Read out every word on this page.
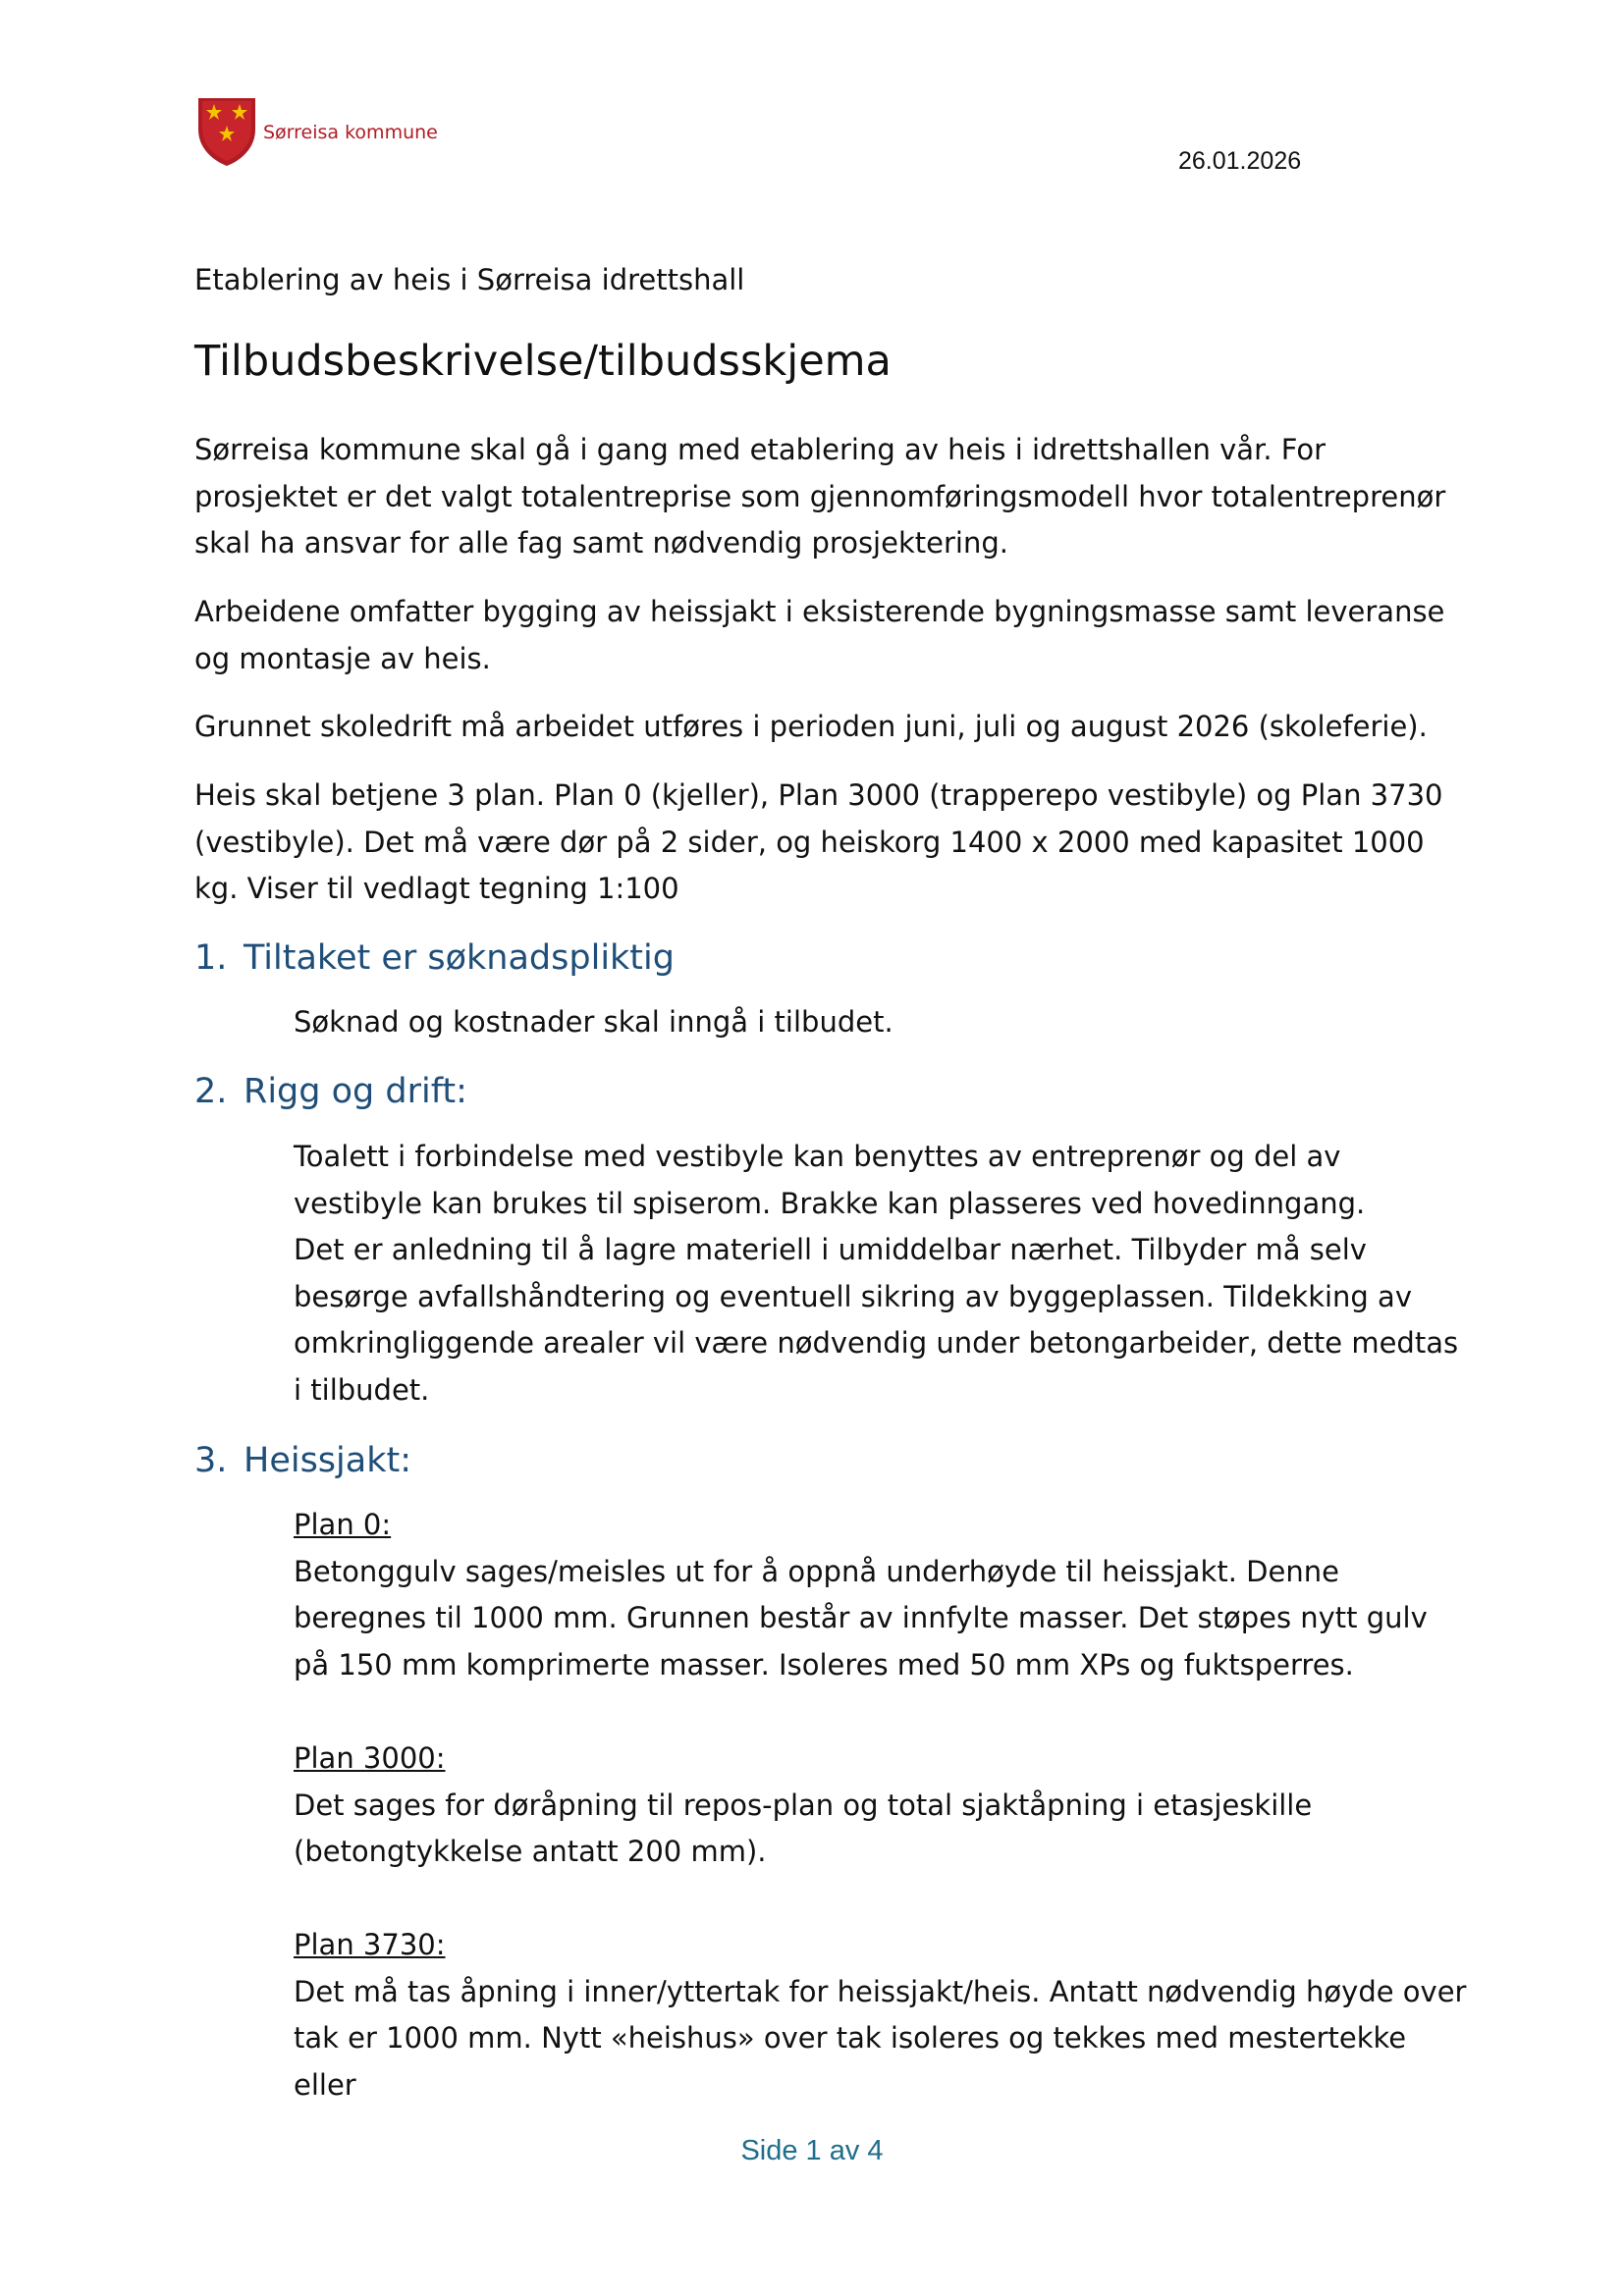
Sørreisa kommune
26.01.2026
Etablering av heis i Sørreisa idrettshall
Tilbudsbeskrivelse/tilbudsskjema

Sørreisa kommune skal gå i gang med etablering av heis i idrettshallen vår. For prosjektet er det valgt totalentreprise som gjennomføringsmodell hvor totalentreprenør skal ha ansvar for alle fag samt nødvendig prosjektering.

Arbeidene omfatter bygging av heissjakt i eksisterende bygningsmasse samt leveranse og montasje av heis.

Grunnet skoledrift må arbeidet utføres i perioden juni, juli og august 2026 (skoleferie).

Heis skal betjene 3 plan. Plan 0 (kjeller), Plan 3000 (trapperepo vestibyle) og Plan 3730 (vestibyle). Det må være dør på 2 sider, og heiskorg 1400 x 2000 med kapasitet 1000 kg. Viser til vedlagt tegning 1:100

1. Tiltaket er søknadspliktig

Søknad og kostnader skal inngå i tilbudet.

2. Rigg og drift:
Toalett i forbindelse med vestibyle kan benyttes av entreprenør og del av vestibyle kan brukes til spiserom. Brakke kan plasseres ved hovedinngang.
Det er anledning til å lagre materiell i umiddelbar nærhet. Tilbyder må selv besørge avfallshåndtering og eventuell sikring av byggeplassen. Tildekking av omkringliggende arealer vil være nødvendig under betongarbeider, dette medtas i tilbudet.
3. Heissjakt:
Plan 0:
Betonggulv sages/meisles ut for å oppnå underhøyde til heissjakt. Denne beregnes til 1000 mm. Grunnen består av innfylte masser. Det støpes nytt gulv på 150 mm komprimerte masser. Isoleres med 50 mm XPs og fuktsperres.
Plan 3000:
Det sages for døråpning til repos-plan og total sjaktåpning i etasjeskille (betongtykkelse antatt 200 mm).
Plan 3730:
Det må tas åpning i inner/yttertak for heissjakt/heis. Antatt nødvendig høyde over tak er 1000 mm. Nytt «heishus» over tak isoleres og tekkes med mestertekke eller
Side 1 av 4
